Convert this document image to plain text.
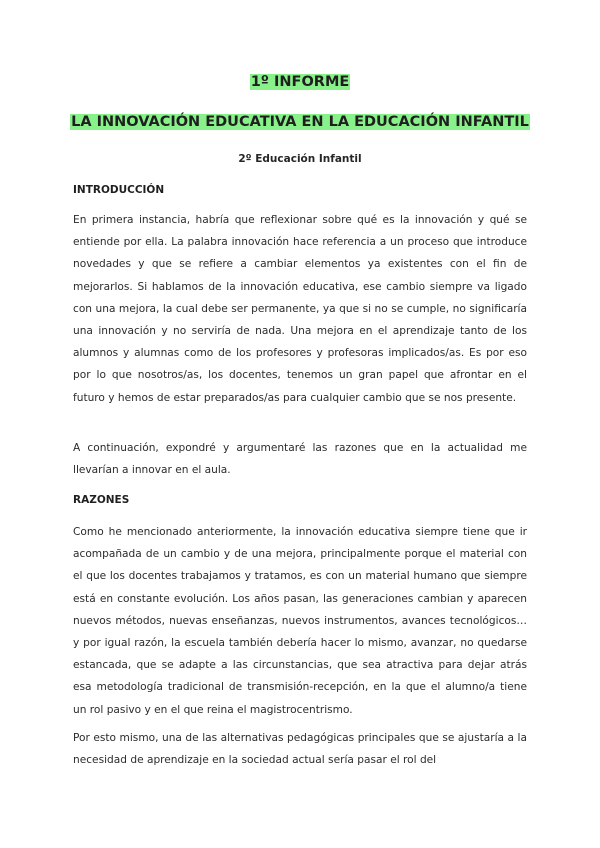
1º INFORME

LA INNOVACIÓN EDUCATIVA EN LA EDUCACIÓN INFANTIL

2º Educación Infantil

INTRODUCCIÓN

En primera instancia, habría que reflexionar sobre qué es la innovación y qué se entiende por ella. La palabra innovación hace referencia a un proceso que introduce novedades y que se refiere a cambiar elementos ya existentes con el fin de mejorarlos. Si hablamos de la innovación educativa, ese cambio siempre va ligado con una mejora, la cual debe ser permanente, ya que si no se cumple, no significaría una innovación y no serviría de nada. Una mejora en el aprendizaje tanto de los alumnos y alumnas como de los profesores y profesoras implicados/as. Es por eso por lo que nosotros/as, los docentes, tenemos un gran papel que afrontar en el futuro y hemos de estar preparados/as para cualquier cambio que se nos presente.

A continuación, expondré y argumentaré las razones que en la actualidad me llevarían a innovar en el aula.

RAZONES

Como he mencionado anteriormente, la innovación educativa siempre tiene que ir acompañada de un cambio y de una mejora, principalmente porque el material con el que los docentes trabajamos y tratamos, es con un material humano que siempre está en constante evolución. Los años pasan, las generaciones cambian y aparecen nuevos métodos, nuevas enseñanzas, nuevos instrumentos, avances tecnológicos… y por igual razón, la escuela también debería hacer lo mismo, avanzar, no quedarse estancada, que se adapte a las circunstancias, que sea atractiva para dejar atrás esa metodología tradicional de transmisión-recepción, en la que el alumno/a tiene un rol pasivo y en el que reina el magistrocentrismo.

Por esto mismo, una de las alternativas pedagógicas principales que se ajustaría a la necesidad de aprendizaje en la sociedad actual sería pasar el rol del
